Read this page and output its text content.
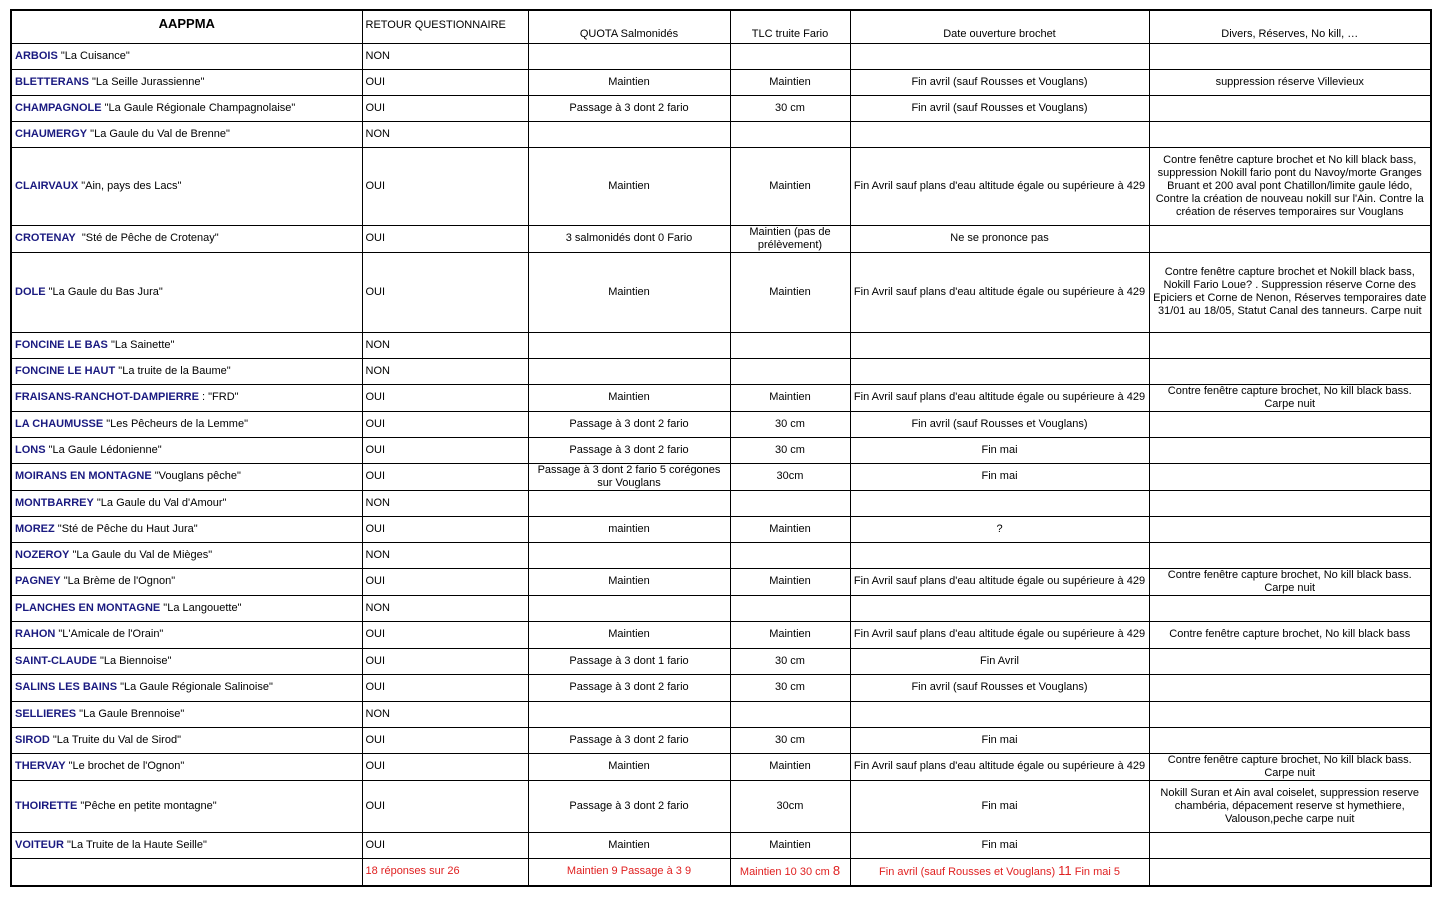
AAPPMA	RETOUR QUESTIONNAIRE	QUOTA Salmonidés	TLC truite Fario	Date ouverture brochet	Divers, Réserves, No kill, …
ARBOIS "La Cuisance"	NON				
BLETTERANS "La Seille Jurassienne"	OUI	Maintien	Maintien	Fin avril (sauf Rousses et Vouglans)	suppression réserve Villevieux
CHAMPAGNOLE "La Gaule Régionale Champagnolaise"	OUI	Passage à 3 dont 2 fario	30 cm	Fin avril (sauf Rousses et Vouglans)	
CHAUMERGY "La Gaule du Val de Brenne"	NON				
CLAIRVAUX "Ain, pays des Lacs"	OUI	Maintien	Maintien	Fin Avril sauf plans d'eau altitude égale ou supérieure à 429	Contre fenêtre capture brochet et No kill black bass, suppression Nokill fario pont du Navoy/morte Granges Bruant et 200 aval pont Chatillon/limite gaule lédo, Contre la création de nouveau nokill sur l'Ain. Contre la création de réserves temporaires sur Vouglans
CROTENAY  "Sté de Pêche de Crotenay"	OUI	3 salmonidés dont 0 Fario	Maintien (pas de prélèvement)	Ne se prononce pas	
DOLE "La Gaule du Bas Jura"	OUI	Maintien	Maintien	Fin Avril sauf plans d'eau altitude égale ou supérieure à 429	Contre fenêtre capture brochet et Nokill black bass, Nokill Fario Loue? . Suppression réserve Corne des Epiciers et Corne de Nenon, Réserves temporaires date 31/01 au 18/05, Statut Canal des tanneurs. Carpe nuit
FONCINE LE BAS "La Sainette"	NON				
FONCINE LE HAUT "La truite de la Baume"	NON				
FRAISANS-RANCHOT-DAMPIERRE : "FRD"	OUI	Maintien	Maintien	Fin Avril sauf plans d'eau altitude égale ou supérieure à 429	Contre fenêtre capture brochet, No kill black bass. Carpe nuit
LA CHAUMUSSE "Les Pêcheurs de la Lemme"	OUI	Passage à 3 dont 2 fario	30 cm	Fin avril (sauf Rousses et Vouglans)	
LONS "La Gaule Lédonienne"	OUI	Passage à 3 dont 2 fario	30 cm	Fin mai	
MOIRANS EN MONTAGNE "Vouglans pêche"	OUI	Passage à 3 dont 2 fario 5 corégones sur Vouglans	30cm	Fin mai	
MONTBARREY "La Gaule du Val d'Amour"	NON				
MOREZ "Sté de Pêche du Haut Jura"	OUI	maintien	Maintien	?	
NOZEROY "La Gaule du Val de Mièges"	NON				
PAGNEY "La Brème de l'Ognon"	OUI	Maintien	Maintien	Fin Avril sauf plans d'eau altitude égale ou supérieure à 429	Contre fenêtre capture brochet, No kill black bass. Carpe nuit
PLANCHES EN MONTAGNE "La Langouette"	NON				
RAHON "L'Amicale de l'Orain"	OUI	Maintien	Maintien	Fin Avril sauf plans d'eau altitude égale ou supérieure à 429	Contre fenêtre capture brochet, No kill black bass
SAINT-CLAUDE "La Biennoise"	OUI	Passage à 3 dont 1 fario	30 cm	Fin Avril	
SALINS LES BAINS "La Gaule Régionale Salinoise"	OUI	Passage à 3 dont 2 fario	30 cm	Fin avril (sauf Rousses et Vouglans)	
SELLIERES "La Gaule Brennoise"	NON				
SIROD "La Truite du Val de Sirod"	OUI	Passage à 3 dont 2 fario	30 cm	Fin mai	
THERVAY "Le brochet de l'Ognon"	OUI	Maintien	Maintien	Fin Avril sauf plans d'eau altitude égale ou supérieure à 429	Contre fenêtre capture brochet, No kill black bass. Carpe nuit
THOIRETTE "Pêche en petite montagne"	OUI	Passage à 3 dont 2 fario	30cm	Fin mai	Nokill Suran et Ain aval coiselet, suppression reserve chambéria, dépacement reserve st hymethiere, Valouson,peche carpe nuit
VOITEUR "La Truite de la Haute Seille"	OUI	Maintien	Maintien	Fin mai	
	18 réponses sur 26	Maintien 9 Passage à 3 9	Maintien 10 30 cm 8	Fin avril (sauf Rousses et Vouglans) 11 Fin mai 5	
